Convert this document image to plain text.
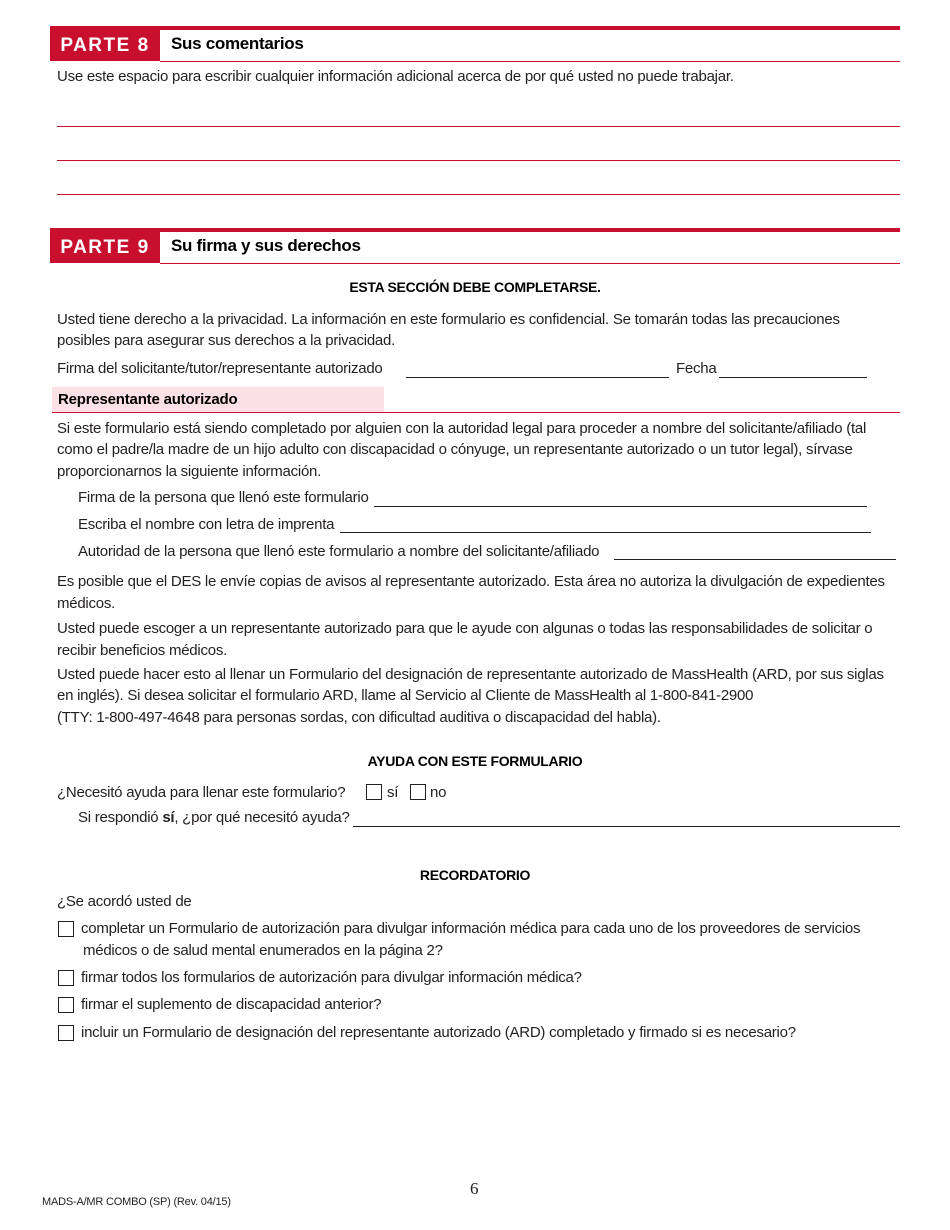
PARTE 8	Sus comentarios
Use este espacio para escribir cualquier información adicional acerca de por qué usted no puede trabajar.
PARTE 9	Su firma y sus derechos
ESTA SECCIÓN DEBE COMPLETARSE.
Usted tiene derecho a la privacidad. La información en este formulario es confidencial. Se tomarán todas las precauciones
posibles para asegurar sus derechos a la privacidad.
Firma del solicitante/tutor/representante autorizado	Fecha
Representante autorizado
Si este formulario está siendo completado por alguien con la autoridad legal para proceder a nombre del solicitante/afiliado (tal
como el padre/la madre de un hijo adulto con discapacidad o cónyuge, un representante autorizado o un tutor legal), sírvase
proporcionarnos la siguiente información.
Firma de la persona que llenó este formulario
Escriba el nombre con letra de imprenta
Autoridad de la persona que llenó este formulario a nombre del solicitante/afiliado
Es posible que el DES le envíe copias de avisos al representante autorizado. Esta área no autoriza la divulgación de expedientes
médicos.
Usted puede escoger a un representante autorizado para que le ayude con algunas o todas las responsabilidades de solicitar o
recibir beneficios médicos.
Usted puede hacer esto al llenar un Formulario del designación de representante autorizado de MassHealth (ARD, por sus siglas
en inglés). Si desea solicitar el formulario ARD, llame al Servicio al Cliente de MassHealth al 1-800-841-2900
(TTY: 1-800-497-4648 para personas sordas, con dificultad auditiva o discapacidad del habla).
AYUDA CON ESTE FORMULARIO
¿Necesitó ayuda para llenar este formulario?	sí no
Si respondió sí, ¿por qué necesitó ayuda?
RECORDATORIO
¿Se acordó usted de
completar un Formulario de autorización para divulgar información médica para cada uno de los proveedores de servicios
médicos o de salud mental enumerados en la página 2?
firmar todos los formularios de autorización para divulgar información médica?
firmar el suplemento de discapacidad anterior?
incluir un Formulario de designación del representante autorizado (ARD) completado y firmado si es necesario?
6
MADS-A/MR COMBO (SP) (Rev. 04/15)
